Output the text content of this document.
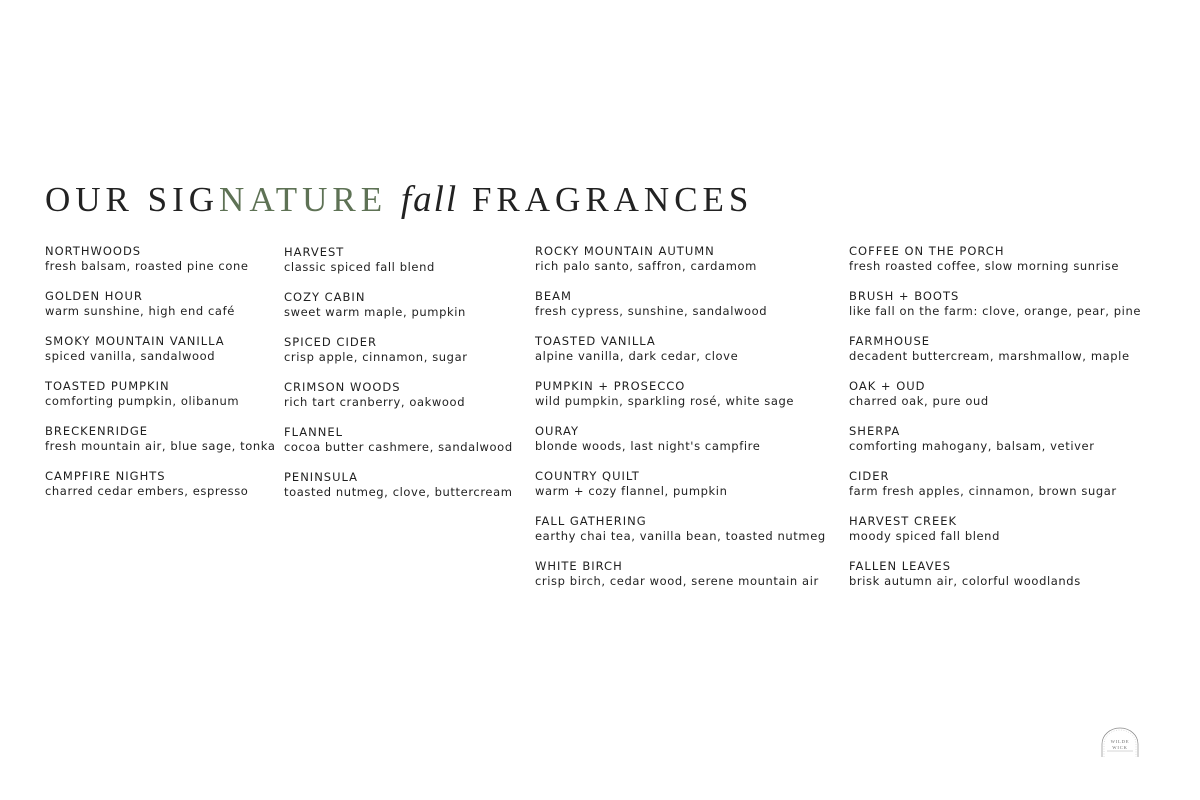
OUR SIGNATURE fall FRAGRANCES
NORTHWOODS
fresh balsam, roasted pine cone
GOLDEN HOUR
warm sunshine, high end café
SMOKY MOUNTAIN VANILLA
spiced vanilla, sandalwood
TOASTED PUMPKIN
comforting pumpkin, olibanum
BRECKENRIDGE
fresh mountain air, blue sage, tonka
CAMPFIRE NIGHTS
charred cedar embers, espresso
HARVEST
classic spiced fall blend
COZY CABIN
sweet warm maple, pumpkin
SPICED CIDER
crisp apple, cinnamon, sugar
CRIMSON WOODS
rich tart cranberry, oakwood
FLANNEL
cocoa butter cashmere, sandalwood
PENINSULA
toasted nutmeg, clove, buttercream
ROCKY MOUNTAIN AUTUMN
rich palo santo, saffron, cardamom
BEAM
fresh cypress, sunshine, sandalwood
TOASTED VANILLA
alpine vanilla, dark cedar, clove
PUMPKIN + PROSECCO
wild pumpkin, sparkling rosé, white sage
OURAY
blonde woods, last night's campfire
COUNTRY QUILT
warm + cozy flannel, pumpkin
FALL GATHERING
earthy chai tea, vanilla bean, toasted nutmeg
WHITE BIRCH
crisp birch, cedar wood, serene mountain air
COFFEE ON THE PORCH
fresh roasted coffee, slow morning sunrise
BRUSH + BOOTS
like fall on the farm: clove, orange, pear, pine
FARMHOUSE
decadent buttercream, marshmallow, maple
OAK + OUD
charred oak, pure oud
SHERPA
comforting mahogany, balsam, vetiver
CIDER
farm fresh apples, cinnamon, brown sugar
HARVEST CREEK
moody spiced fall blend
FALLEN LEAVES
brisk autumn air, colorful woodlands
WILDE
WICK
